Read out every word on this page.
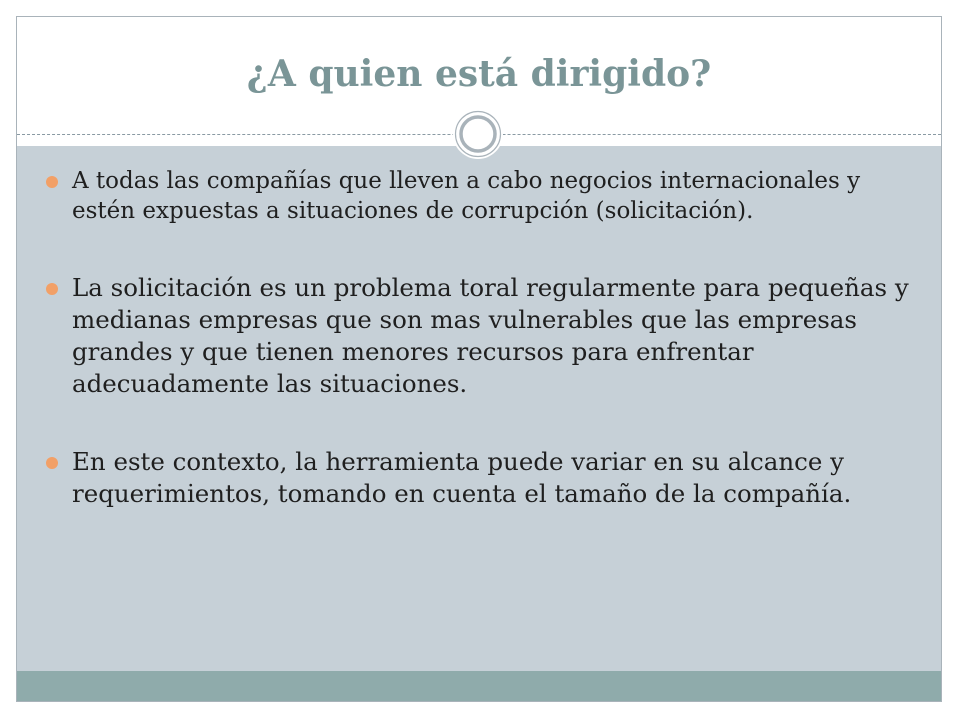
¿A quien está dirigido?
A todas las compañías que lleven a cabo negocios internacionales y estén expuestas a situaciones de corrupción (solicitación).
La solicitación es un problema toral regularmente para pequeñas y medianas empresas que son mas vulnerables que las empresas grandes y que tienen menores recursos para enfrentar adecuadamente las situaciones.
En este contexto, la herramienta puede variar en su alcance y requerimientos, tomando en cuenta el tamaño de la compañía.
